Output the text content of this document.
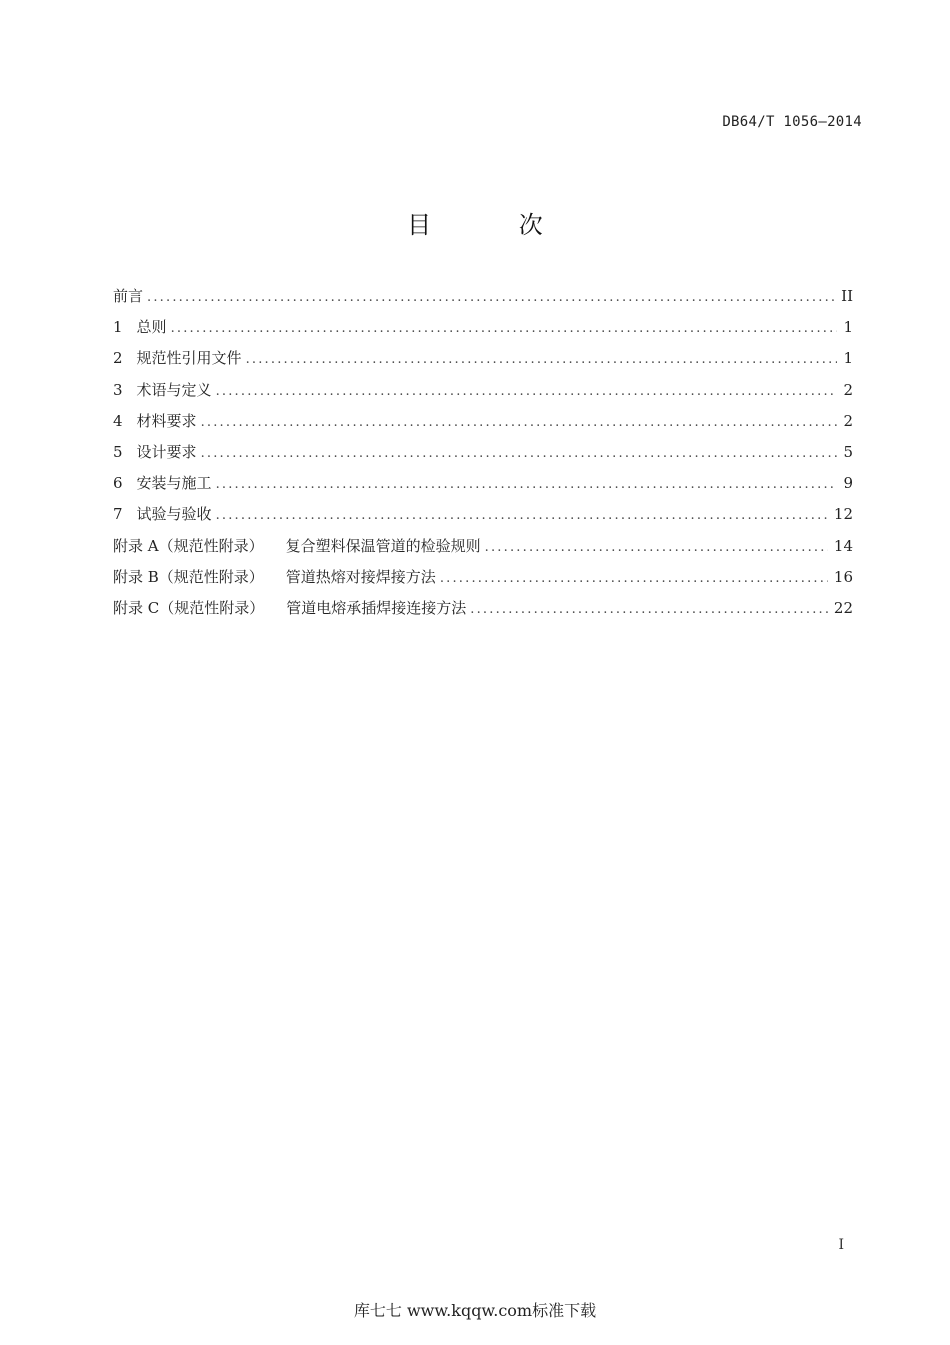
DB64/T 1056—2014
目 次
前言 .....	II
1 总则 .....	1
2 规范性引用文件 .....	1
3 术语与定义 .....	2
4 材料要求 .....	2
5 设计要求 .....	5
6 安装与施工 .....	9
7 试验与验收 .....	12
附录 A（规范性附录） 复合塑料保温管道的检验规则 .....	14
附录 B（规范性附录） 管道热熔对接焊接方法 .....	16
附录 C（规范性附录） 管道电熔承插焊接连接方法 .....	22
I
库七七 www.kqqw.com标准下载
